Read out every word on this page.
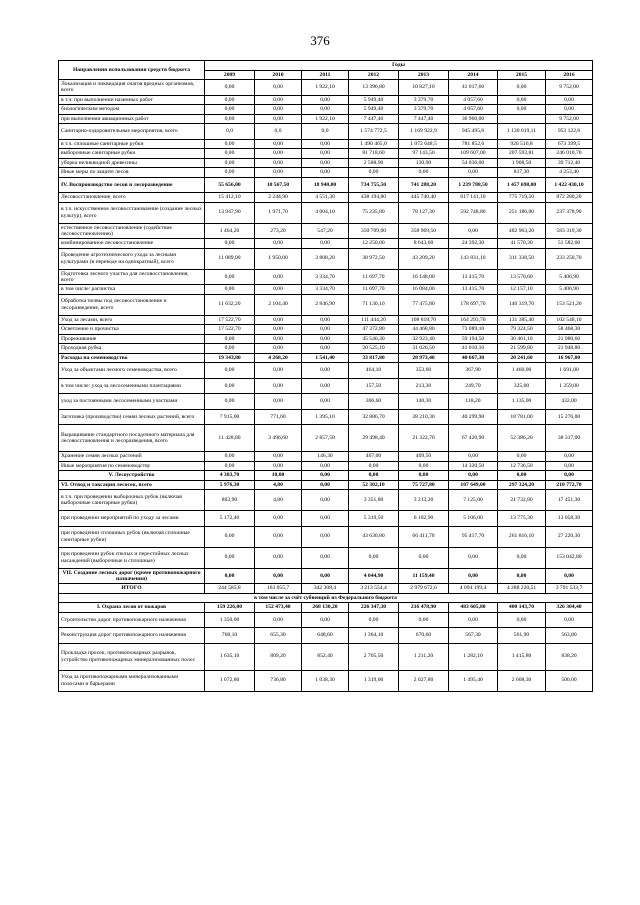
376
Направления использования средств бюджета	Годы							
	2009	2010	2011	2012	2013	2014	2015	2016
Локализация и ликвидация очагов вредных организмов, всего	0,00	0,00	1 922,10	13 396,80	10 827,10	41 017,60	0,00	9 752,00
в т.ч. при выполнении наземных работ	0,00	0,00	0,00	5 949,40	3 379,70	4 057,60	0,00	0,00
биологическим методом	0,00	0,00	0,00	5 949,40	3 379,70	4 057,60	0,00	0,00
при выполнении авиационных работ	0,00	0,00	1 922,10	7 447,40	7 447,40	36 960,00		9 752,00
Санитарно-оздоровительные мероприятия, всего	0,0	0,0	0,0	1 574 772,5	1 169 922,9	945 495,6	1 130 019,11	953 122,6
в т.ч. сплошные санитарные рубки	0,00	0,00	0,00	1 490 465,0	1 072 648,5	781 852,6	920 516,8	673 399,5
выборочные санитарные рубки	0,00	0,00	0,00	81 718,60	97 143,50	109 607,00	207 593,81	246 010,70
уборка неликвидной древесины	0,00	0,00	0,00	2 588,90	130,90	54 036,00	1 908,50	39 712,40
Иные меры по защите лесов	0,00	0,00	0,00	0,00	0,00	0,00	817,30	4 253,40
IV. Воспроизводство лесов и лесоразведение	55 656,00	10 567,50	18 940,00	734 755,50	741 288,20	1 239 788,50	1 457 698,00	1 422 430,10
Лесовосстановление, всего	15 412,10	2 244,90	4 551,30	438 194,80	445 740,40	617 141,10	775 719,50	872 280,20
в т.ч. искусственное лесовосстановление (создание лесных культур), всего	13 947,90	1 971,70	4 004,10	75 235,80	78 127,30	592 748,80	251 186,00	237 378,90
естественное лесовосстановление (содействие лесовосстановлению)	1 464,20	273,20	547,20	350 709,00	358 969,50	0,00	482 963,20	583 319,30
комбинированное лесовосстановление	0,00	0,00	0,00	12 250,00	8 643,60	24 392,30	41 570,30	51 582,00
Проведение агротехнического ухода за лесными культурами (в переводе на однократный), всего	11 089,00	1 950,00	3 808,20	38 972,50	43 209,20	143 831,10	311 338,50	233 250,70
Подготовка лесного участка для лесовосстановления, всего	0,00	0,00	3 334,70	11 697,70	16 148,00	13 415,70	13 570,60	5 406,90
в том числе: расчистка	0,00	0,00	3 334,70	11 697,70	16 084,00	13 415,70	12 157,10	5 406,90
Обработка почвы под лесовосстановление и лесоразведение, всего	11 632,20	2 104,40	2 846,90	71 130,10	77 475,80	178 697,70	140 319,70	153 521,20
Уход за лесами, всего	17 522,70	0,00	0,00	111 444,20	108 818,70	164 293,70	131 385,40	102 548,10
Осветление и прочистка	17 522,70	0,00	0,00	47 372,80	44 468,80	73 089,10	79 324,50	58 468,30
Прореживание	0,00	0,00	0,00	45 546,30	32 923,40	59 194,50	30 461,10	21 980,60
Проходная рубка	0,00	0,00	0,00	20 525,10	31 026,50	41 010,10	21 599,80	21 948,80
Расходы на семеноводство	19 343,80	4 268,20	1 541,40	33 817,80	28 973,40	40 667,30	20 241,60	16 967,00
Уход за объектами лесного семеноводства, всего	0,00	0,00	0,00	464,10	353,60	367,90	1 460,00	1 691,00
в том числе: уход за лесосеменными плантациями	0,00	0,00	0,00	157,50	213,30	249,70	325,00	1 259,00
уход за постоянными лесосеменными участками	0,00	0,00	0,00	306,60	140,30	118,20	1 135,00	432,00
Заготовка (производство) семян лесных растений, всего	7 915,00	771,60	1 395,10	32 886,70	28 210,30	40 299,90	18 781,00	15 276,00
Выращивание стандартного посадочного материала для лесовосстановления и лесоразведения, всего	11 428,80	3 496,60	2 857,50	29 498,40	21 322,70	67 420,90	52 386,20	38 317,00
Хранение семян лесных растений	0,00	0,00	146,30	467,00	409,50	0,00	0,00	0,00
Иные мероприятия по семеноводству	0,00	0,00	0,00	0,00	0,00	14 320,50	12 736,50	0,00
V. Лесоустройство	4 383,70	10,00	0,00	0,00	0,00	0,00	0,00	0,00
VI. Отвод и таксация лесосек, всего	5 976,30	4,80	0,00	52 302,10	75 727,80	107 649,00	297 324,20	210 772,70
в т.ч. при проведении выборочных рубок (включая выборочные санитарные рубки)	803,90	4,80	0,00	3 351,80	3 213,20	7 125,00	21 732,80	17 451,30
при проведении мероприятий по уходу за лесами	5 172,40	0,00	0,00	5 319,50	6 102,90	5 106,00	13 775,30	13 058,30
при проведении сплошных рубок (включая сплошные санитарные рубки)	0,00	0,00	0,00	43 630,80	66 411,70	95 417,70	261 816,10	27 220,30
при проведении рубок спелых и перестойных лесных насаждений (выборочные и сплошные)	0,00	0,00	0,00	0,00	0,00	0,00	0,00	153 042,80
VII. Создание лесных дорог (кроме противопожарного назначения)	0,00	0,00	0,00	4 044,90	11 159,40	0,00	0,00	0,00
ИТОГО	244 585,8	163 055,7	342 308,4	3 213 554,4	2 979 672,6	4 094 199,4	4 288 220,51	3 791 533,7
в том числе за счёт субвенций из Федерального бюджета								
I. Охрана лесов от пожаров	159 226,00	152 473,40	268 130,20	226 347,30	216 478,90	483 605,80	400 143,70	326 304,40
Строительство дорог противопожарного назначения	1 350,00	0,00	0,00	0,00	0,00	0,00	0,00	0,00
Реконструкция дорог противопожарного назначения	768,10	655,30	648,60	1 364,10	670,60	567,30	561,90	563,80
Прокладка просек, противопожарных разрывов, устройство противопожарных минерализованных полос	1 635,10	809,20	852,40	2 705,50	1 211,20	1 282,10	1 415,80	838,20
Уход за противопожарными минерализованными полосами и барьерами	1 072,80	736,80	1 038,30	1 319,00	2 027,80	1 495,40	2 608,30	500,00
